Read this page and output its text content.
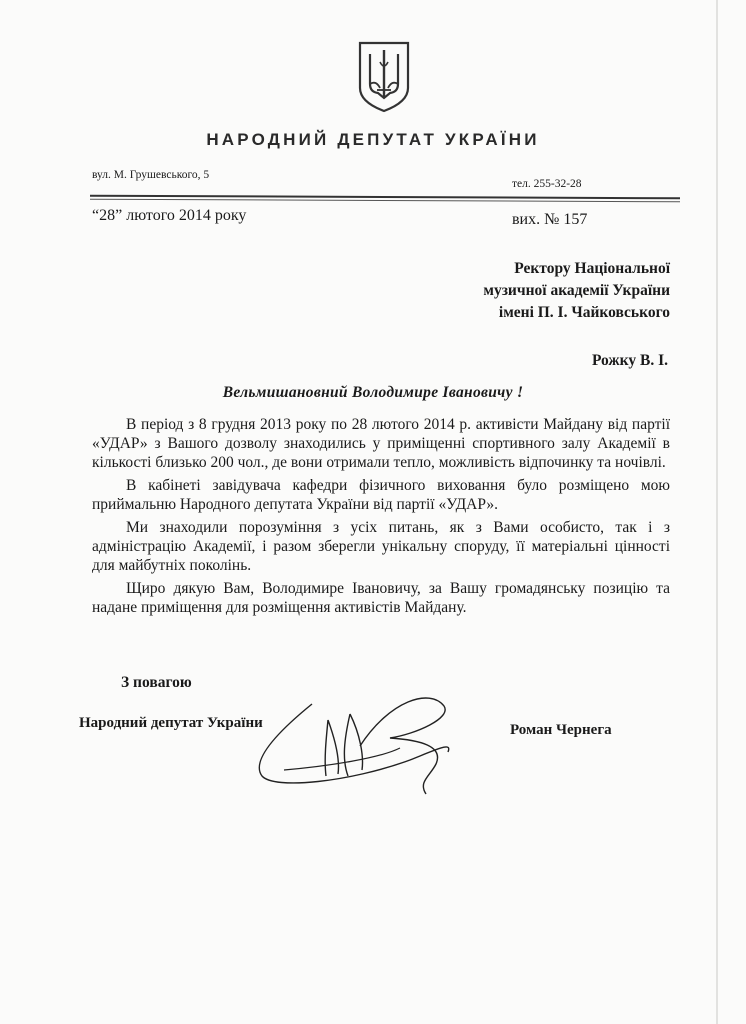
НАРОДНИЙ ДЕПУТАТ УКРАЇНИ
вул. М. Грушевського, 5
тел. 255-32-28
“28” лютого 2014 року	вих. № 157
Ректору Національної
музичної академії України
імені П. І. Чайковського
Рожку В. І.
Вельмишановний Володимире Івановичу !

В період з 8 грудня 2013 року по 28 лютого 2014 р. активісти Майдану від партії «УДАР» з Вашого дозволу знаходились у приміщенні спортивного залу Академії в кількості близько 200 чол., де вони отримали тепло, можливість відпочинку та ночівлі.

В кабінеті завідувача кафедри фізичного виховання було розміщено мою приймальню Народного депутата України від партії «УДАР».

Ми знаходили порозуміння з усіх питань, як з Вами особисто, так і з адміністрацію Академії, і разом зберегли унікальну споруду, її матеріальні цінності для майбутніх поколінь.

Щиро дякую Вам, Володимире Івановичу, за Вашу громадянську позицію та надане приміщення для розміщення активістів Майдану.

З повагою
Народний депутат України	Роман Чернега
